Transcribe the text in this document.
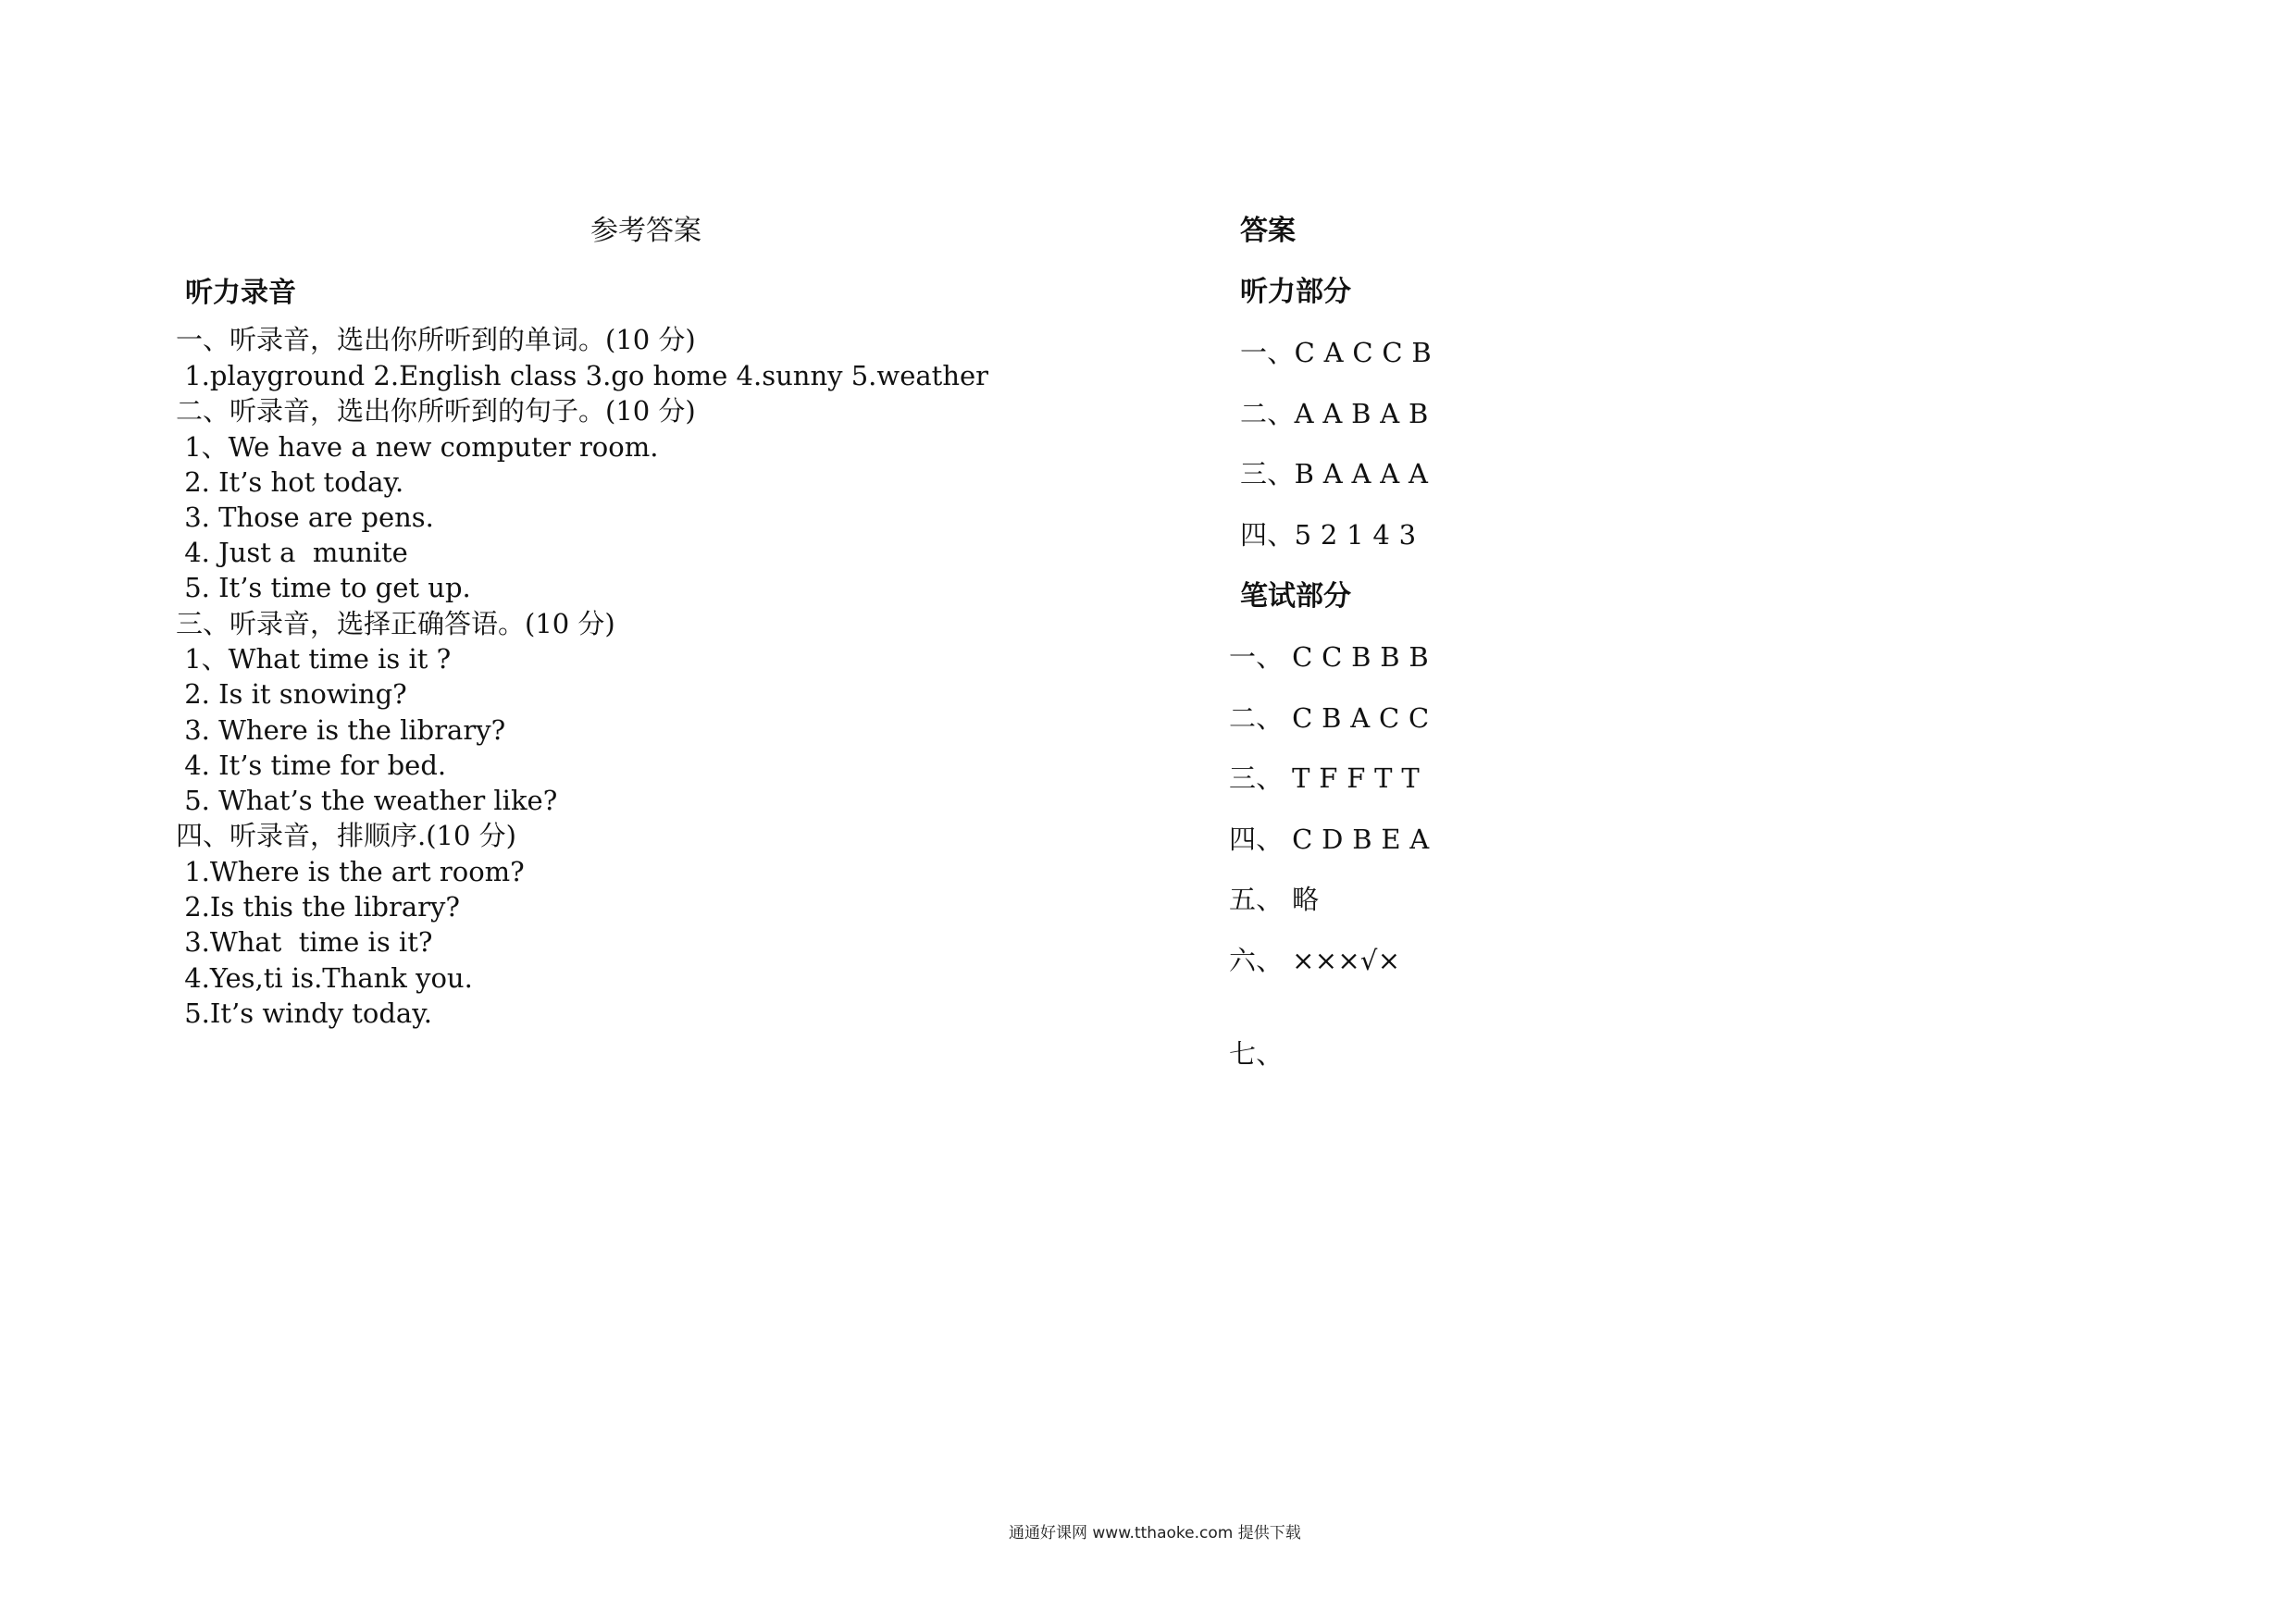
参考答案
听力录音
一、听录音，选出你所听到的单词。(10 分)
1.playground 2.English class 3.go home 4.sunny 5.weather
二、听录音，选出你所听到的句子。(10 分)
1、We have a new computer room.
2. It’s hot today.
3. Those are pens.
4. Just a  munite
5. It’s time to get up.
三、听录音，选择正确答语。(10 分)
1、What time is it ?
2. Is it snowing?
3. Where is the library?
4. It’s time for bed.
5. What’s the weather like?
四、听录音，排顺序.(10 分)
1.Where is the art room?
2.Is this the library?
3.What  time is it?
4.Yes,ti is.Thank you.
5.It’s windy today.
答案
听力部分
一、C A C C B
二、A A B A B
三、B A A A A
四、5 2 1 4 3
笔试部分
一、 C C B B B
二、 C B A C C
三、 T F F T T
四、 C D B E A
五、 略
六、 ×××√×
七、
通通好课网 www.tthaoke.com 提供下载
